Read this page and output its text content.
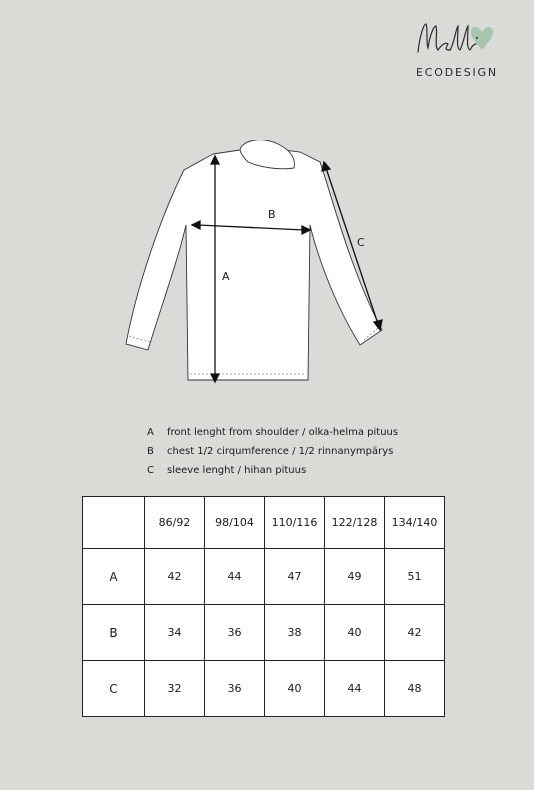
ECODESIGN
A
B
C
A	front lenght from shoulder / olka-helma pituus
B	chest 1/2 cirqumference / 1/2 rinnanympärys
C	sleeve lenght / hihan pituus
	86/92	98/104	110/116	122/128	134/140
A	42	44	47	49	51
B	34	36	38	40	42
C	32	36	40	44	48
